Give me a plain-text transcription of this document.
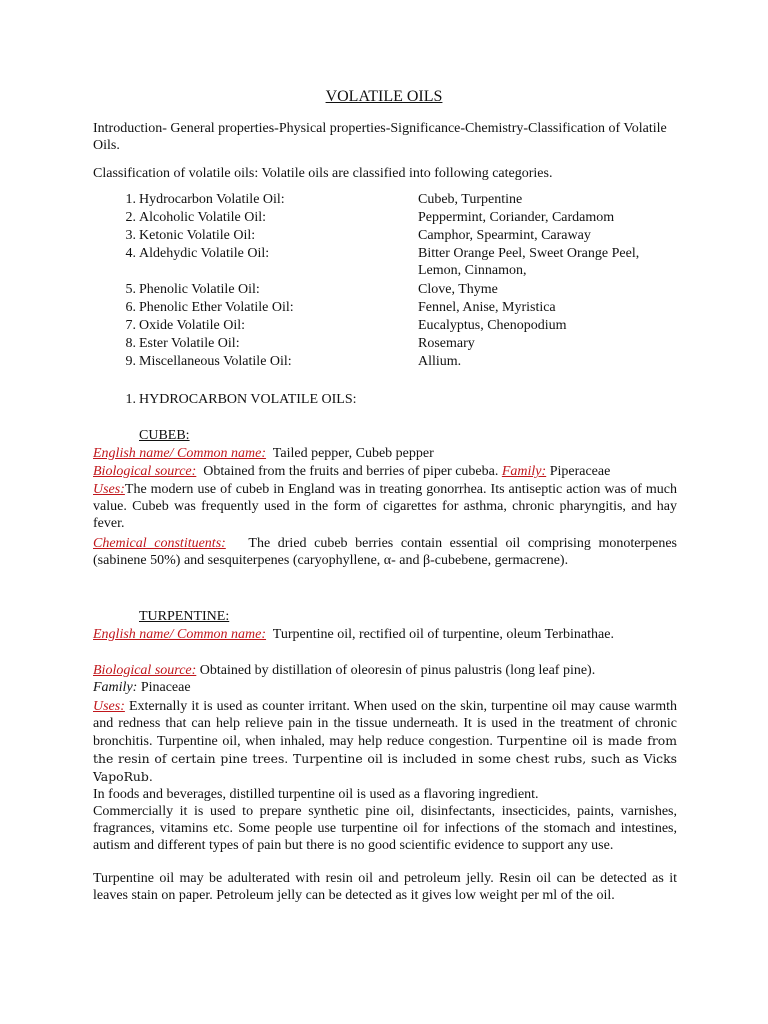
VOLATILE OILS

Introduction- General properties-Physical properties-Significance-Chemistry-Classification of Volatile Oils.

Classification of volatile oils: Volatile oils are classified into following categories.

1. Hydrocarbon Volatile Oil:	Cubeb, Turpentine
2. Alcoholic Volatile Oil:	Peppermint, Coriander, Cardamom
3. Ketonic Volatile Oil:	Camphor, Spearmint, Caraway
4. Aldehydic Volatile Oil:	Bitter Orange Peel, Sweet Orange Peel, Lemon, Cinnamon,
5. Phenolic Volatile Oil:	Clove, Thyme
6. Phenolic Ether Volatile Oil:	Fennel, Anise, Myristica
7. Oxide Volatile Oil:	Eucalyptus, Chenopodium
8. Ester Volatile Oil:	Rosemary
9. Miscellaneous Volatile Oil:	Allium.
1. HYDROCARBON VOLATILE OILS:
CUBEB:

English name/ Common name: Tailed pepper, Cubeb pepper

Biological source: Obtained from the fruits and berries of piper cubeba. Family: Piperaceae

Uses:The modern use of cubeb in England was in treating gonorrhea. Its antiseptic action was of much value. Cubeb was frequently used in the form of cigarettes for asthma, chronic pharyngitis, and hay fever.

Chemical constituents: The dried cubeb berries contain essential oil comprising monoterpenes (sabinene 50%) and sesquiterpenes (caryophyllene, α- and β-cubebene, germacrene).

TURPENTINE:

English name/ Common name: Turpentine oil, rectified oil of turpentine, oleum Terbinathae.

Biological source: Obtained by distillation of oleoresin of pinus palustris (long leaf pine).
Family: Pinaceae

Uses: Externally it is used as counter irritant. When used on the skin, turpentine oil may cause warmth and redness that can help relieve pain in the tissue underneath. It is used in the treatment of chronic bronchitis. Turpentine oil, when inhaled, may help reduce congestion. Turpentine oil is made from the resin of certain pine trees. Turpentine oil is included in some chest rubs, such as Vicks VapoRub.

In foods and beverages, distilled turpentine oil is used as a flavoring ingredient.

Commercially it is used to prepare synthetic pine oil, disinfectants, insecticides, paints, varnishes, fragrances, vitamins etc. Some people use turpentine oil for infections of the stomach and intestines, autism and different types of pain but there is no good scientific evidence to support any use.

Turpentine oil may be adulterated with resin oil and petroleum jelly. Resin oil can be detected as it leaves stain on paper. Petroleum jelly can be detected as it gives low weight per ml of the oil.
